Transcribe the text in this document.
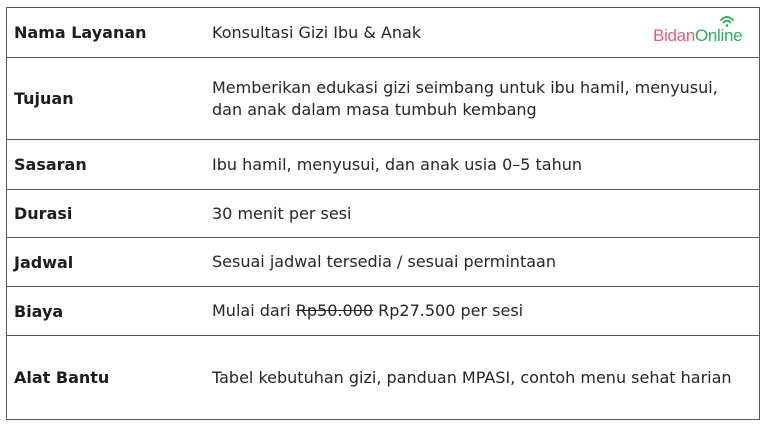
Nama Layanan	Konsultasi Gizi Ibu & Anak BidanOnline

Tujuan	Memberikan edukasi gizi seimbang untuk ibu hamil, menyusui, dan anak dalam masa tumbuh kembang
Sasaran	Ibu hamil, menyusui, dan anak usia 0–5 tahun
Durasi	30 menit per sesi
Jadwal	Sesuai jadwal tersedia / sesuai permintaan
Biaya	Mulai dari Rp50.000 Rp27.500 per sesi
Alat Bantu	Tabel kebutuhan gizi, panduan MPASI, contoh menu sehat harian
